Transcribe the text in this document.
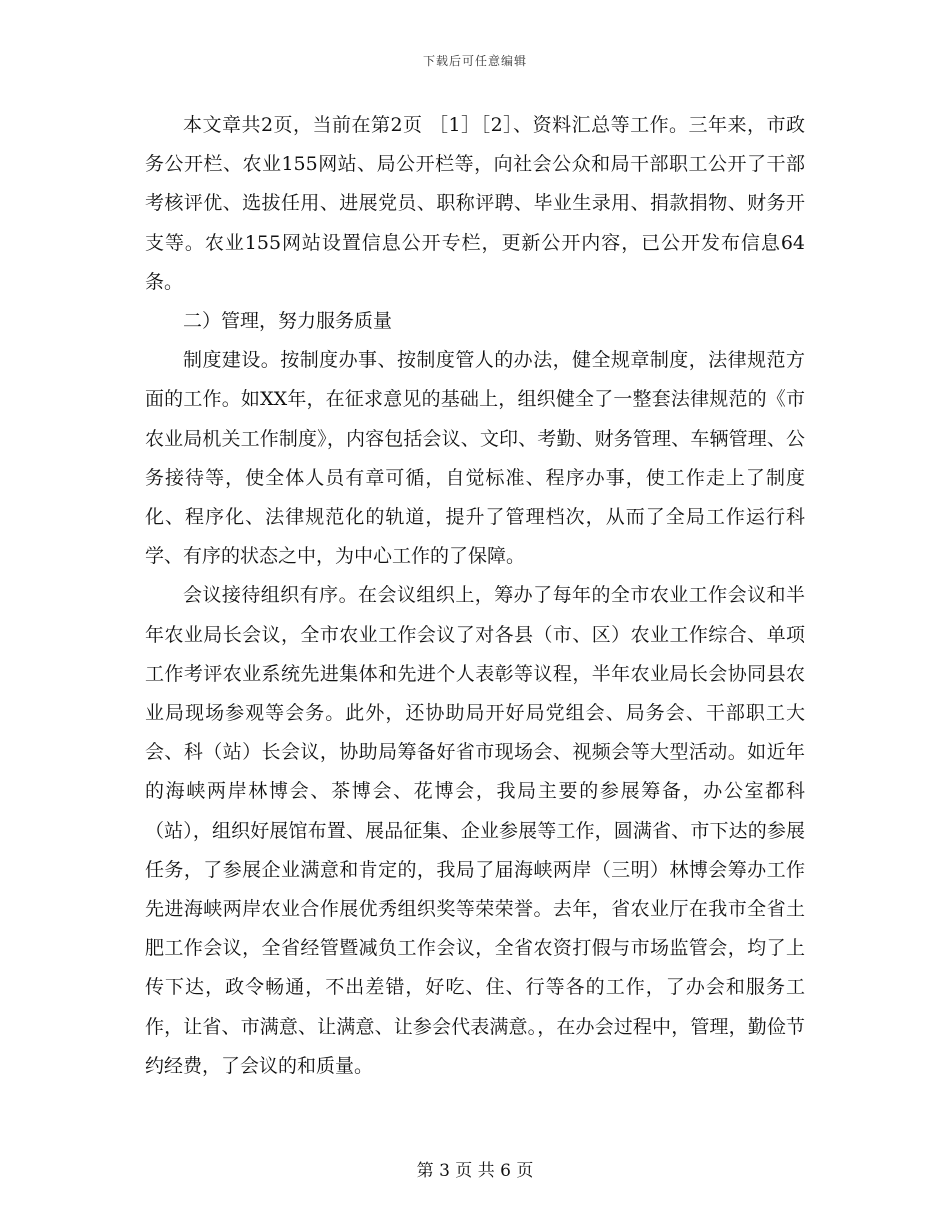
下载后可任意编辑

本文章共2页，当前在第2页 ［1］［2］、资料汇总等工作。三年来，市政务公开栏、农业155网站、局公开栏等，向社会公众和局干部职工公开了干部考核评优、选拔任用、进展党员、职称评聘、毕业生录用、捐款捐物、财务开支等。农业155网站设置信息公开专栏，更新公开内容，已公开发布信息64条。

二）管理，努力服务质量

制度建设。按制度办事、按制度管人的办法，健全规章制度，法律规范方面的工作。如XX年，在征求意见的基础上，组织健全了一整套法律规范的《市农业局机关工作制度》，内容包括会议、文印、考勤、财务管理、车辆管理、公务接待等，使全体人员有章可循，自觉标准、程序办事，使工作走上了制度化、程序化、法律规范化的轨道，提升了管理档次，从而了全局工作运行科学、有序的状态之中，为中心工作的了保障。

会议接待组织有序。在会议组织上，筹办了每年的全市农业工作会议和半年农业局长会议，全市农业工作会议了对各县（市、区）农业工作综合、单项工作考评农业系统先进集体和先进个人表彰等议程，半年农业局长会协同县农业局现场参观等会务。此外，还协助局开好局党组会、局务会、干部职工大会、科（站）长会议，协助局筹备好省市现场会、视频会等大型活动。如近年的海峡两岸林博会、茶博会、花博会，我局主要的参展筹备，办公室都科（站），组织好展馆布置、展品征集、企业参展等工作，圆满省、市下达的参展任务，了参展企业满意和肯定的，我局了届海峡两岸（三明）林博会筹办工作先进海峡两岸农业合作展优秀组织奖等荣荣誉。去年，省农业厅在我市全省土肥工作会议，全省经管暨减负工作会议，全省农资打假与市场监管会，均了上传下达，政令畅通，不出差错，好吃、住、行等各的工作，了办会和服务工作，让省、市满意、让满意、让参会代表满意。，在办会过程中，管理，勤俭节约经费，了会议的和质量。

第 3 页 共 6 页
